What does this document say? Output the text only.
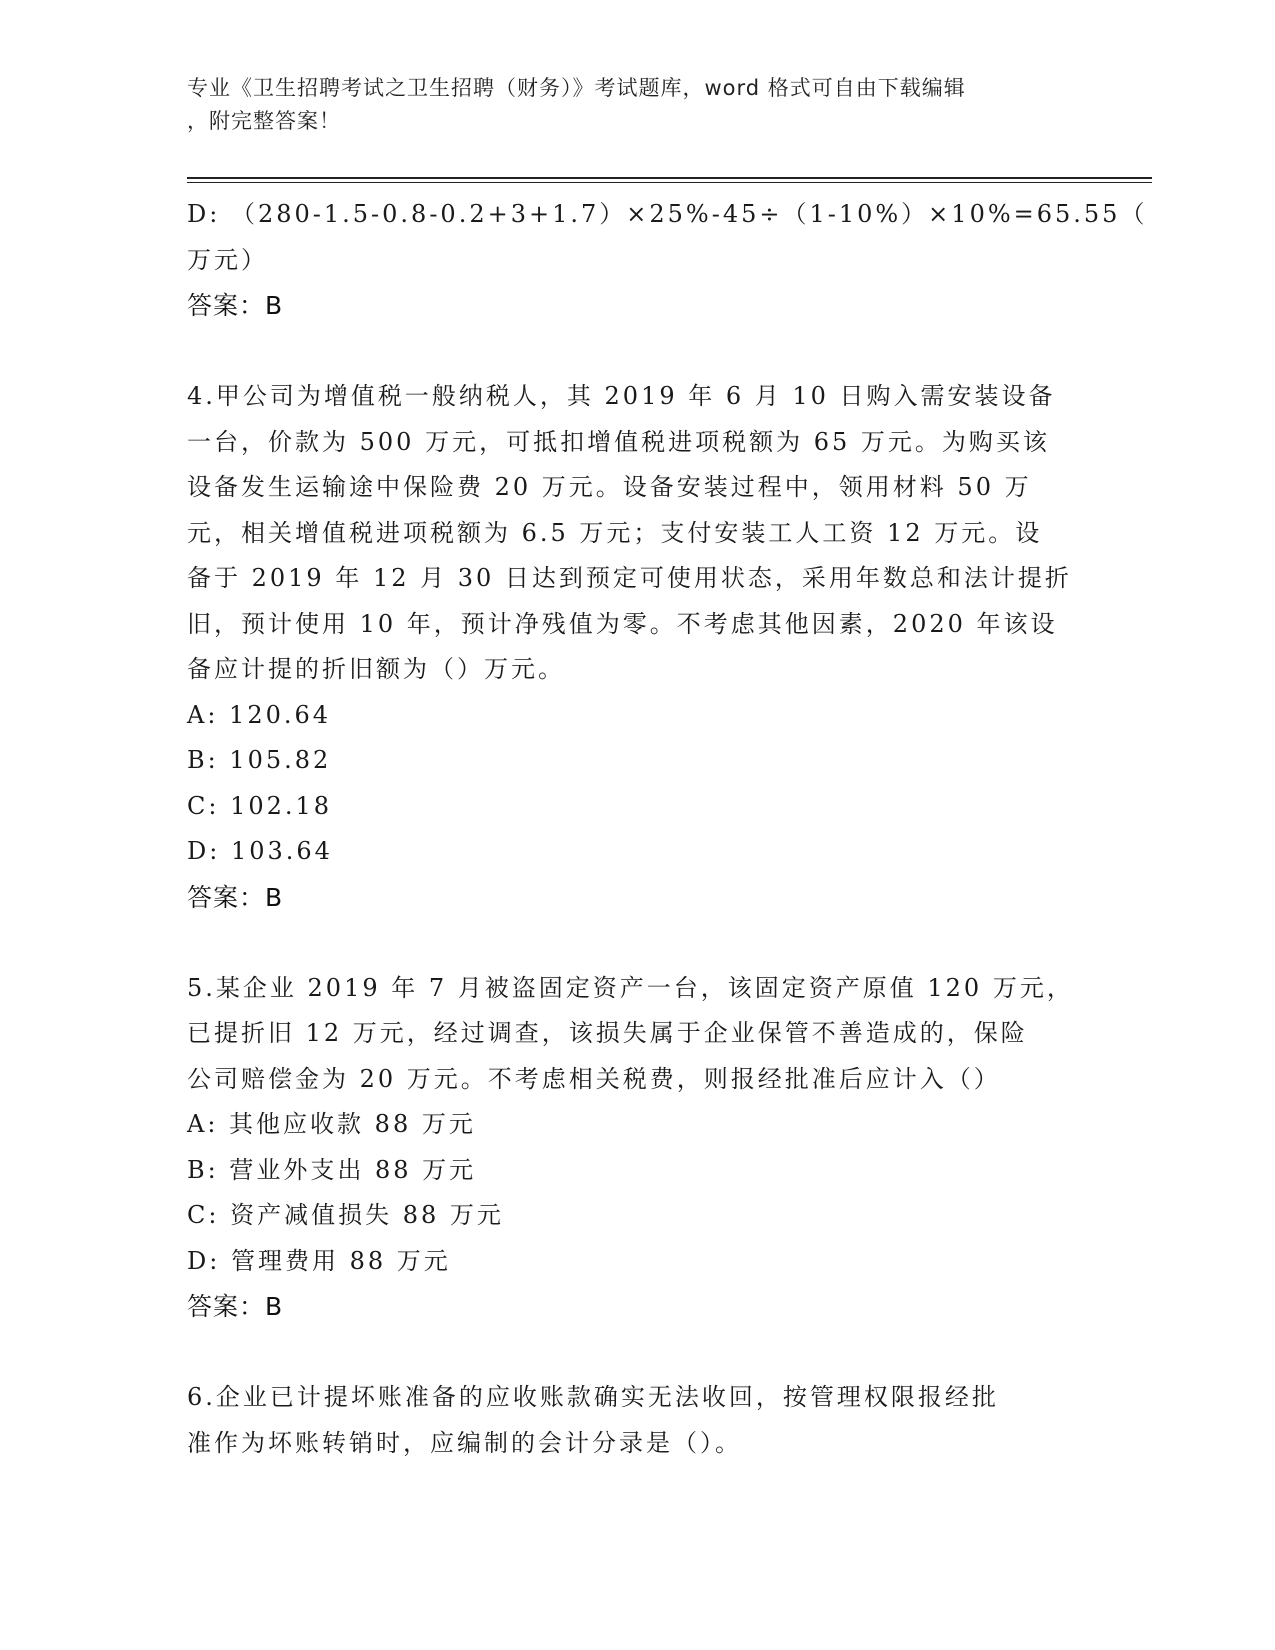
专业《卫生招聘考试之卫生招聘（财务）》考试题库，word 格式可自由下载编辑
，附完整答案！
D: （280-1.5-0.8-0.2+3+1.7）×25%-45÷（1-10%）×10%=65.55（
万元）
答案：B
4.甲公司为增值税一般纳税人，其 2019 年 6 月 10 日购入需安装设备
一台，价款为 500 万元，可抵扣增值税进项税额为 65 万元。为购买该
设备发生运输途中保险费 20 万元。设备安装过程中，领用材料 50 万
元，相关增值税进项税额为 6.5 万元；支付安装工人工资 12 万元。设
备于 2019 年 12 月 30 日达到预定可使用状态，采用年数总和法计提折
旧，预计使用 10 年，预计净残值为零。不考虑其他因素，2020 年该设
备应计提的折旧额为（）万元。
A: 120.64
B: 105.82
C: 102.18
D: 103.64
答案：B
5.某企业 2019 年 7 月被盗固定资产一台，该固定资产原值 120 万元，
已提折旧 12 万元，经过调查，该损失属于企业保管不善造成的，保险
公司赔偿金为 20 万元。不考虑相关税费，则报经批准后应计入（）
A: 其他应收款 88 万元
B: 营业外支出 88 万元
C: 资产减值损失 88 万元
D: 管理费用 88 万元
答案：B
6.企业已计提坏账准备的应收账款确实无法收回，按管理权限报经批
准作为坏账转销时，应编制的会计分录是（）。
